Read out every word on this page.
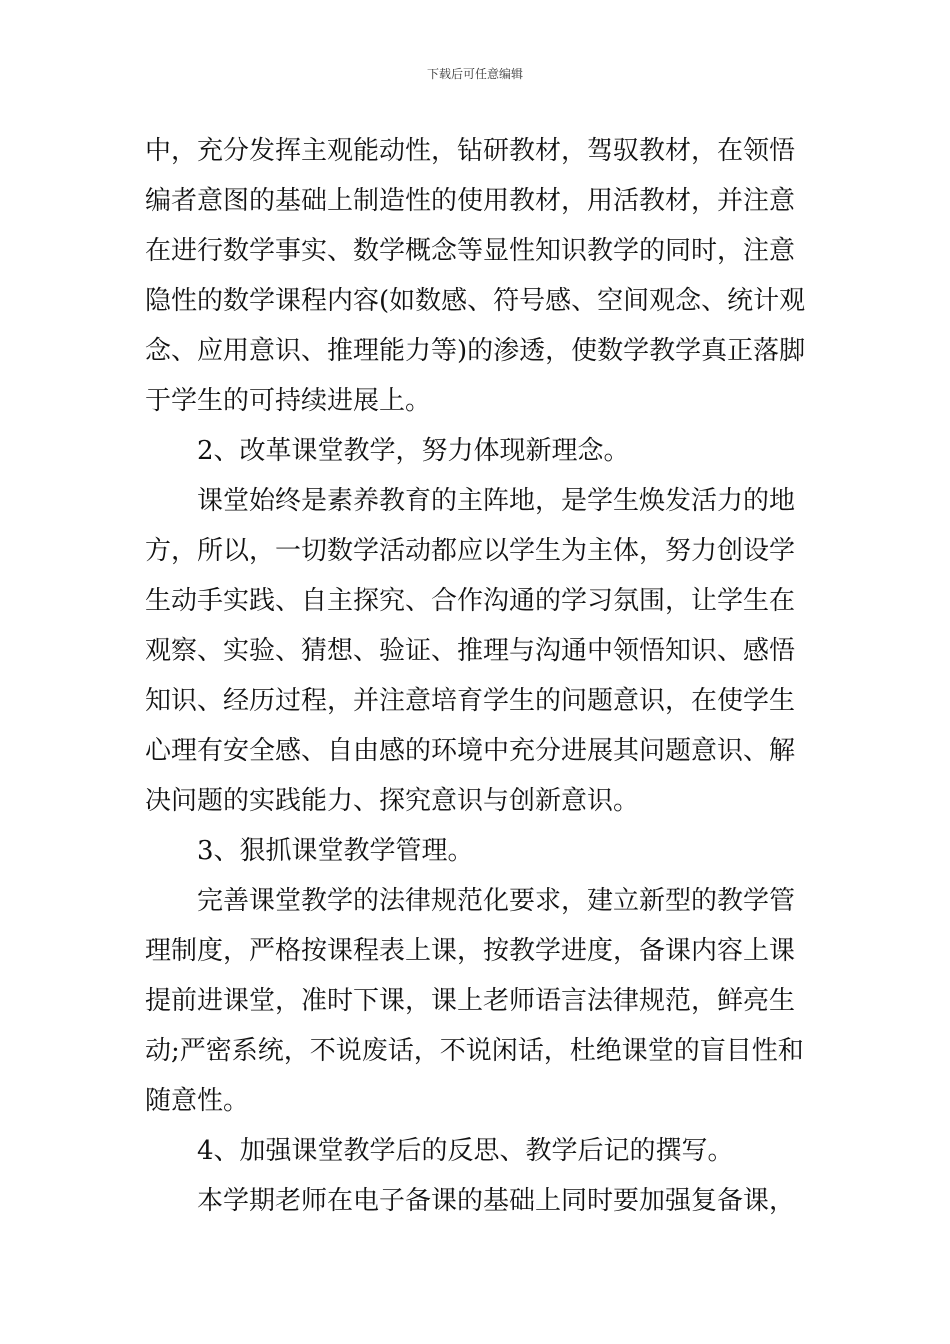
下载后可任意编辑
中，充分发挥主观能动性，钻研教材，驾驭教材，在领悟
编者意图的基础上制造性的使用教材，用活教材，并注意
在进行数学事实、数学概念等显性知识教学的同时，注意
隐性的数学课程内容(如数感、符号感、空间观念、统计观
念、应用意识、推理能力等)的渗透，使数学教学真正落脚
于学生的可持续进展上。
2、改革课堂教学，努力体现新理念。
课堂始终是素养教育的主阵地，是学生焕发活力的地
方，所以，一切数学活动都应以学生为主体，努力创设学
生动手实践、自主探究、合作沟通的学习氛围，让学生在
观察、实验、猜想、验证、推理与沟通中领悟知识、感悟
知识、经历过程，并注意培育学生的问题意识，在使学生
心理有安全感、自由感的环境中充分进展其问题意识、解
决问题的实践能力、探究意识与创新意识。
3、狠抓课堂教学管理。
完善课堂教学的法律规范化要求，建立新型的教学管
理制度，严格按课程表上课，按教学进度，备课内容上课
提前进课堂，准时下课，课上老师语言法律规范，鲜亮生
动;严密系统，不说废话，不说闲话，杜绝课堂的盲目性和
随意性。
4、加强课堂教学后的反思、教学后记的撰写。
本学期老师在电子备课的基础上同时要加强复备课，
